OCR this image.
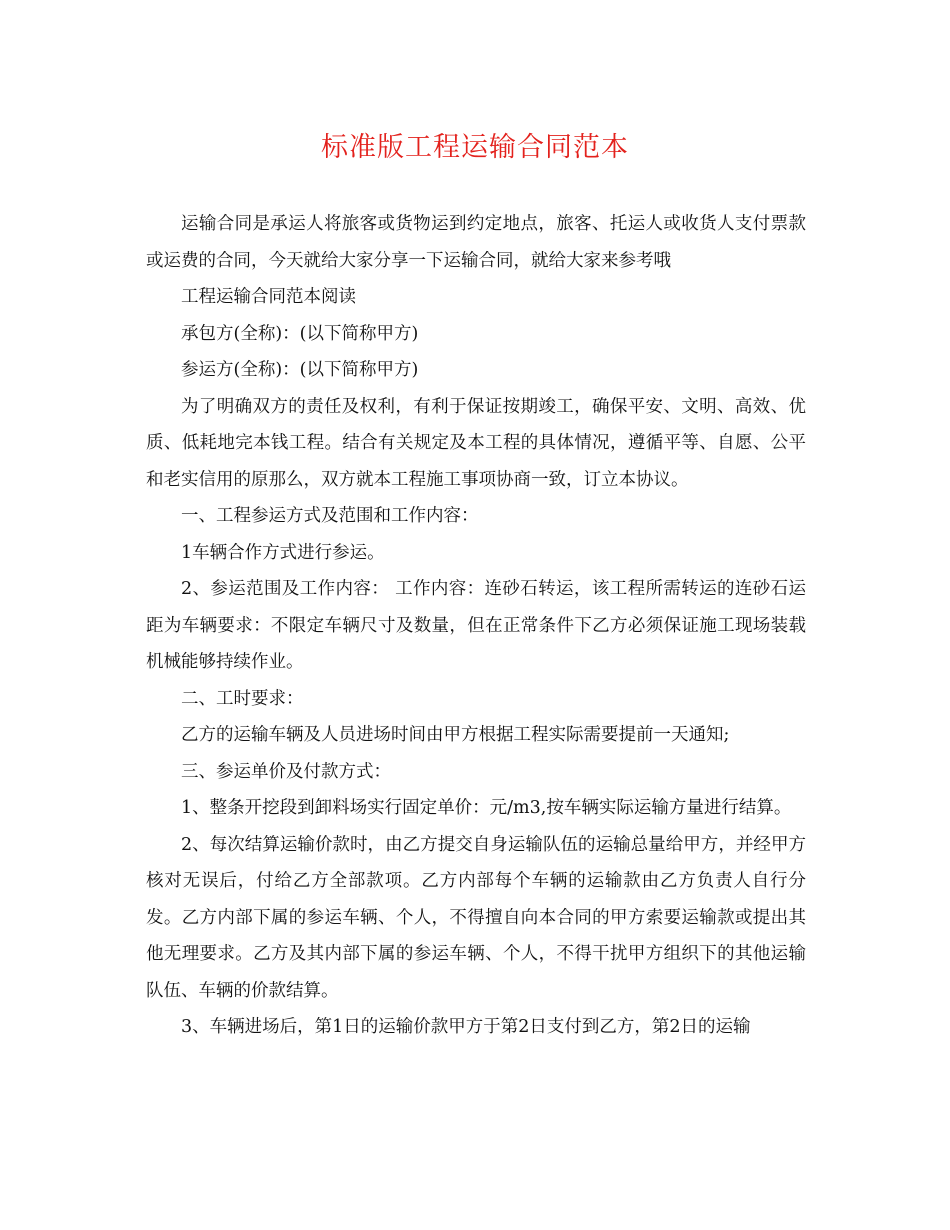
标准版工程运输合同范本

运输合同是承运人将旅客或货物运到约定地点，旅客、托运人或收货人支付票款或运费的合同，今天就给大家分享一下运输合同，就给大家来参考哦

工程运输合同范本阅读

承包方(全称)：(以下简称甲方)

参运方(全称)：(以下简称甲方)

为了明确双方的责任及权利，有利于保证按期竣工，确保平安、文明、高效、优质、低耗地完本钱工程。结合有关规定及本工程的具体情况，遵循平等、自愿、公平和老实信用的原那么，双方就本工程施工事项协商一致，订立本协议。

一、工程参运方式及范围和工作内容：

1车辆合作方式进行参运。

2、参运范围及工作内容： 工作内容：连砂石转运，该工程所需转运的连砂石运距为车辆要求：不限定车辆尺寸及数量，但在正常条件下乙方必须保证施工现场装载机械能够持续作业。

二、工时要求：

乙方的运输车辆及人员进场时间由甲方根据工程实际需要提前一天通知;

三、参运单价及付款方式：

1、整条开挖段到卸料场实行固定单价：元/m3,按车辆实际运输方量进行结算。

2、每次结算运输价款时，由乙方提交自身运输队伍的运输总量给甲方，并经甲方核对无误后，付给乙方全部款项。乙方内部每个车辆的运输款由乙方负责人自行分发。乙方内部下属的参运车辆、个人，不得擅自向本合同的甲方索要运输款或提出其他无理要求。乙方及其内部下属的参运车辆、个人，不得干扰甲方组织下的其他运输队伍、车辆的价款结算。

3、车辆进场后，第1日的运输价款甲方于第2日支付到乙方，第2日的运输
